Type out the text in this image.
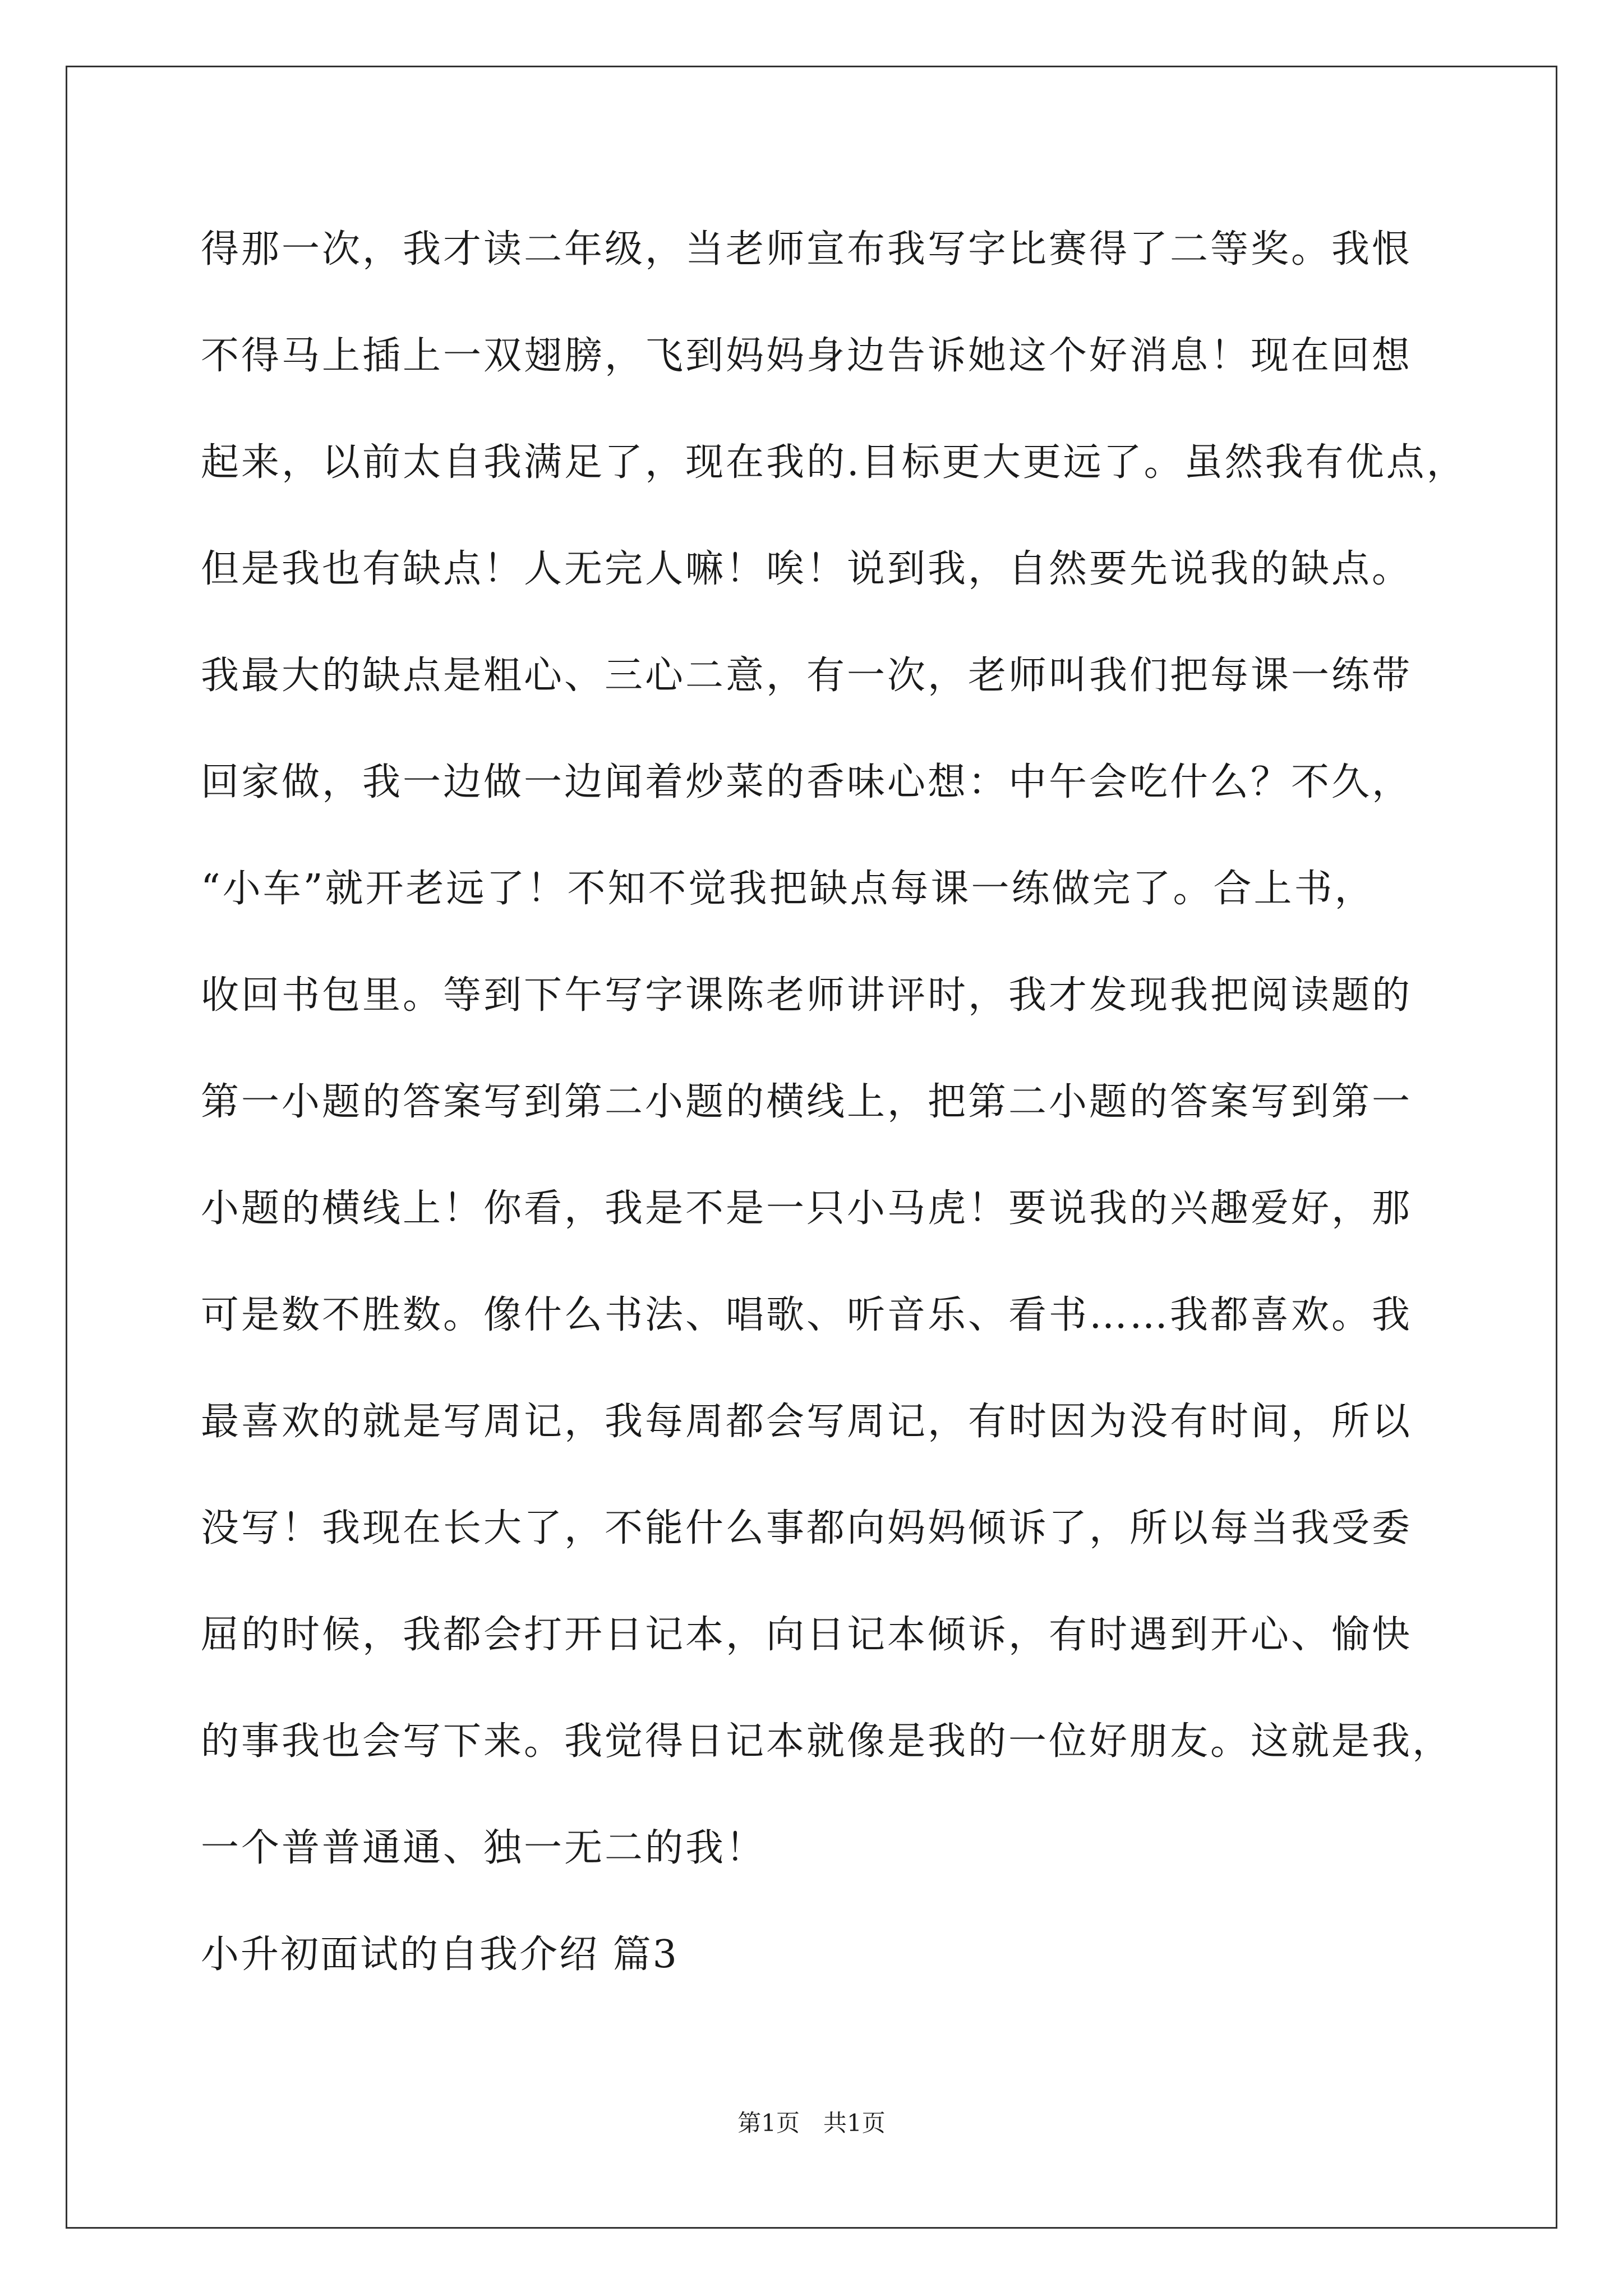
得那一次，我才读二年级，当老师宣布我写字比赛得了二等奖。我恨
不得马上插上一双翅膀，飞到妈妈身边告诉她这个好消息！现在回想
起来，以前太自我满足了，现在我的.目标更大更远了。虽然我有优点，
但是我也有缺点！人无完人嘛！唉！说到我，自然要先说我的缺点。
我最大的缺点是粗心、三心二意，有一次，老师叫我们把每课一练带
回家做，我一边做一边闻着炒菜的香味心想：中午会吃什么？不久，
“小车”就开老远了！不知不觉我把缺点每课一练做完了。合上书，
收回书包里。等到下午写字课陈老师讲评时，我才发现我把阅读题的
第一小题的答案写到第二小题的横线上，把第二小题的答案写到第一
小题的横线上！你看，我是不是一只小马虎！要说我的兴趣爱好，那
可是数不胜数。像什么书法、唱歌、听音乐、看书……我都喜欢。我
最喜欢的就是写周记，我每周都会写周记，有时因为没有时间，所以
没写！我现在长大了，不能什么事都向妈妈倾诉了，所以每当我受委
屈的时候，我都会打开日记本，向日记本倾诉，有时遇到开心、愉快
的事我也会写下来。我觉得日记本就像是我的一位好朋友。这就是我，
一个普普通通、独一无二的我！
小升初面试的自我介绍 篇3
第1页　共1页
